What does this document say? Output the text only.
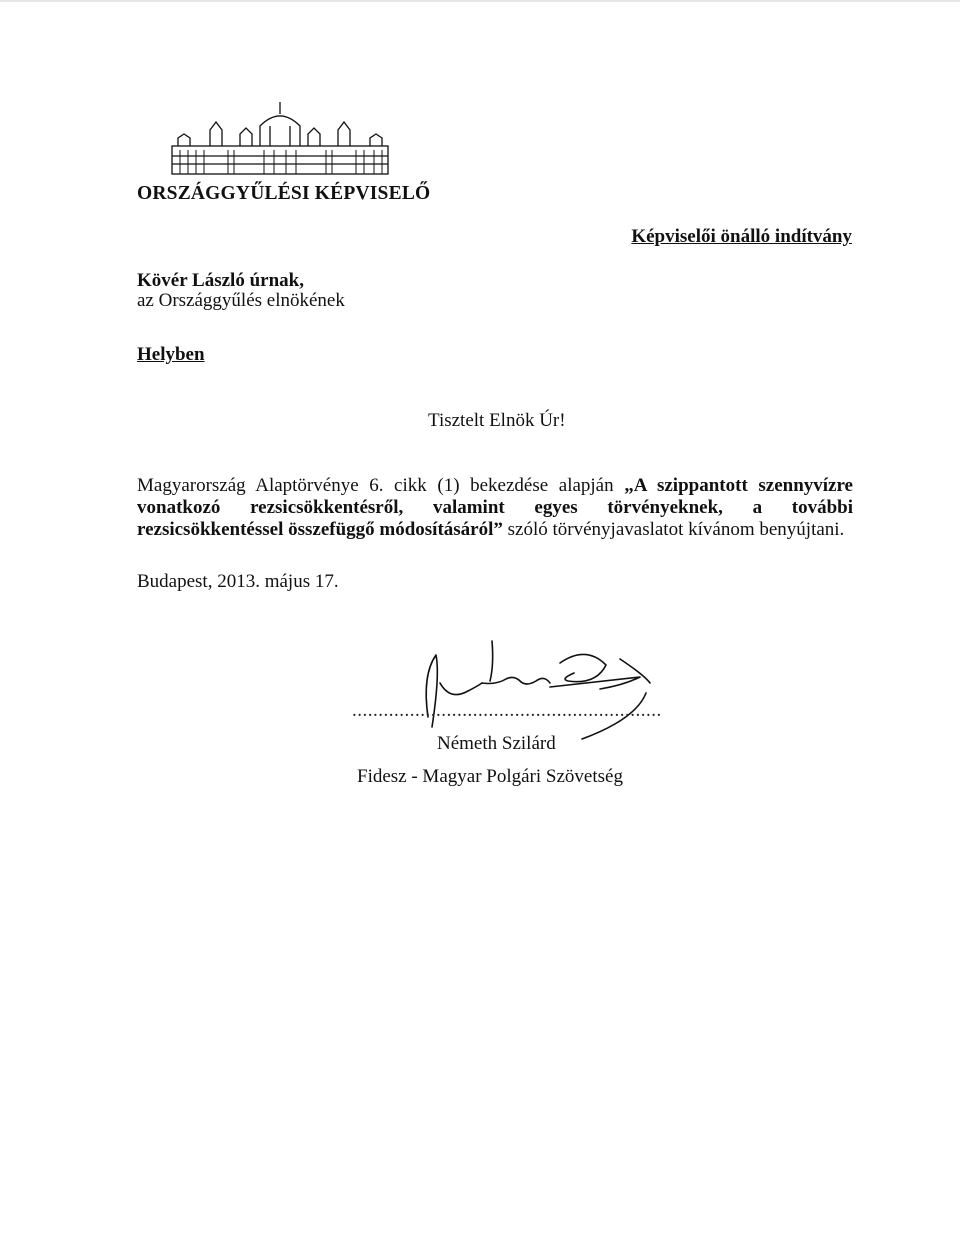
ORSZÁGGYŰLÉSI KÉPVISELŐ
Képviselői önálló indítvány
Kövér László úrnak,
az Országgyűlés elnökének
Helyben
Tisztelt Elnök Úr!
Magyarország Alaptörvénye 6. cikk (1) bekezdése alapján „A szippantott szennyvízre vonatkozó rezsicsökkentésről, valamint egyes törvényeknek, a további rezsicsökkentéssel összefüggő módosításáról” szóló törvényjavaslatot kívánom benyújtani.
Budapest, 2013. május 17.
...........................................................
Németh Szilárd
Fidesz - Magyar Polgári Szövetség
